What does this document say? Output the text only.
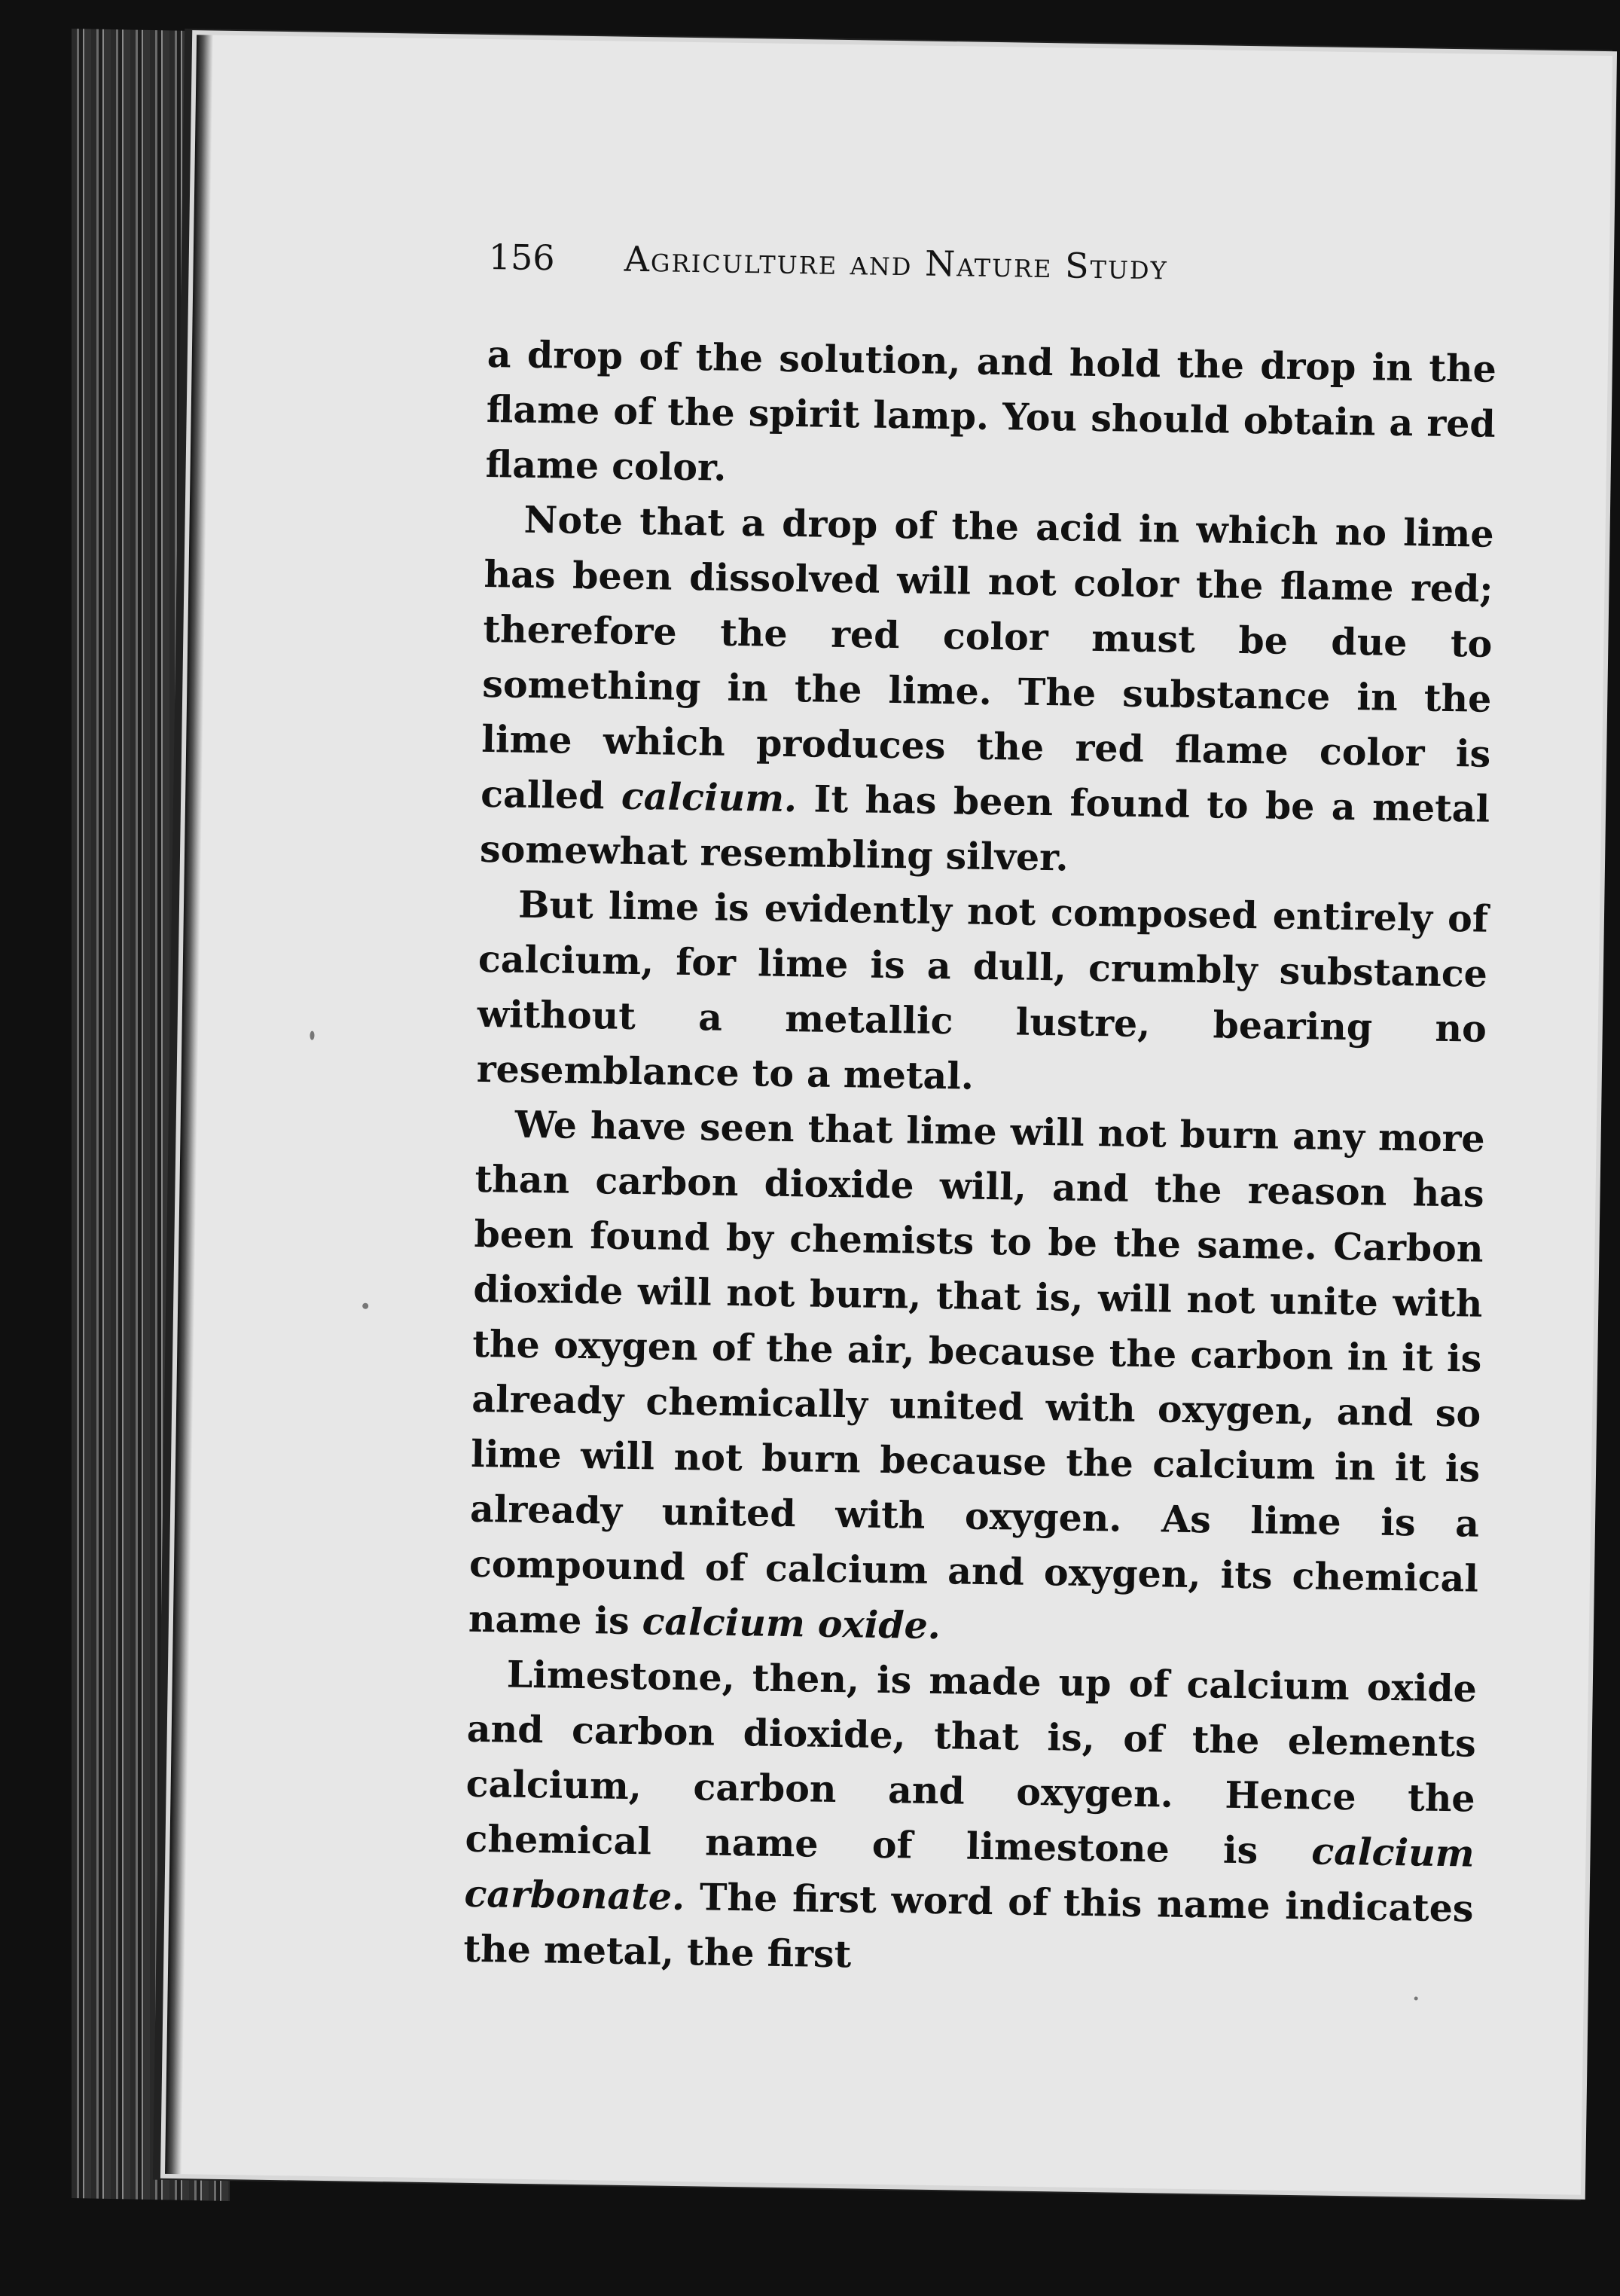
156 Agriculture and Nature Study

a drop of the solution, and hold the drop in the flame of the spirit lamp. You should obtain a red flame color.

Note that a drop of the acid in which no lime has been dissolved will not color the flame red; therefore the red color must be due to something in the lime. The substance in the lime which produces the red flame color is called calcium. It has been found to be a metal somewhat resembling silver.

But lime is evidently not composed entirely of calcium, for lime is a dull, crumbly substance without a metallic lustre, bearing no resemblance to a metal.

We have seen that lime will not burn any more than carbon dioxide will, and the reason has been found by chemists to be the same. Carbon dioxide will not burn, that is, will not unite with the oxygen of the air, because the carbon in it is already chemically united with oxygen, and so lime will not burn because the calcium in it is already united with oxygen. As lime is a compound of calcium and oxygen, its chemical name is calcium oxide.

Limestone, then, is made up of calcium oxide and carbon dioxide, that is, of the elements calcium, carbon and oxygen. Hence the chemical name of limestone is calcium carbonate. The first word of this name indicates the metal, the first
